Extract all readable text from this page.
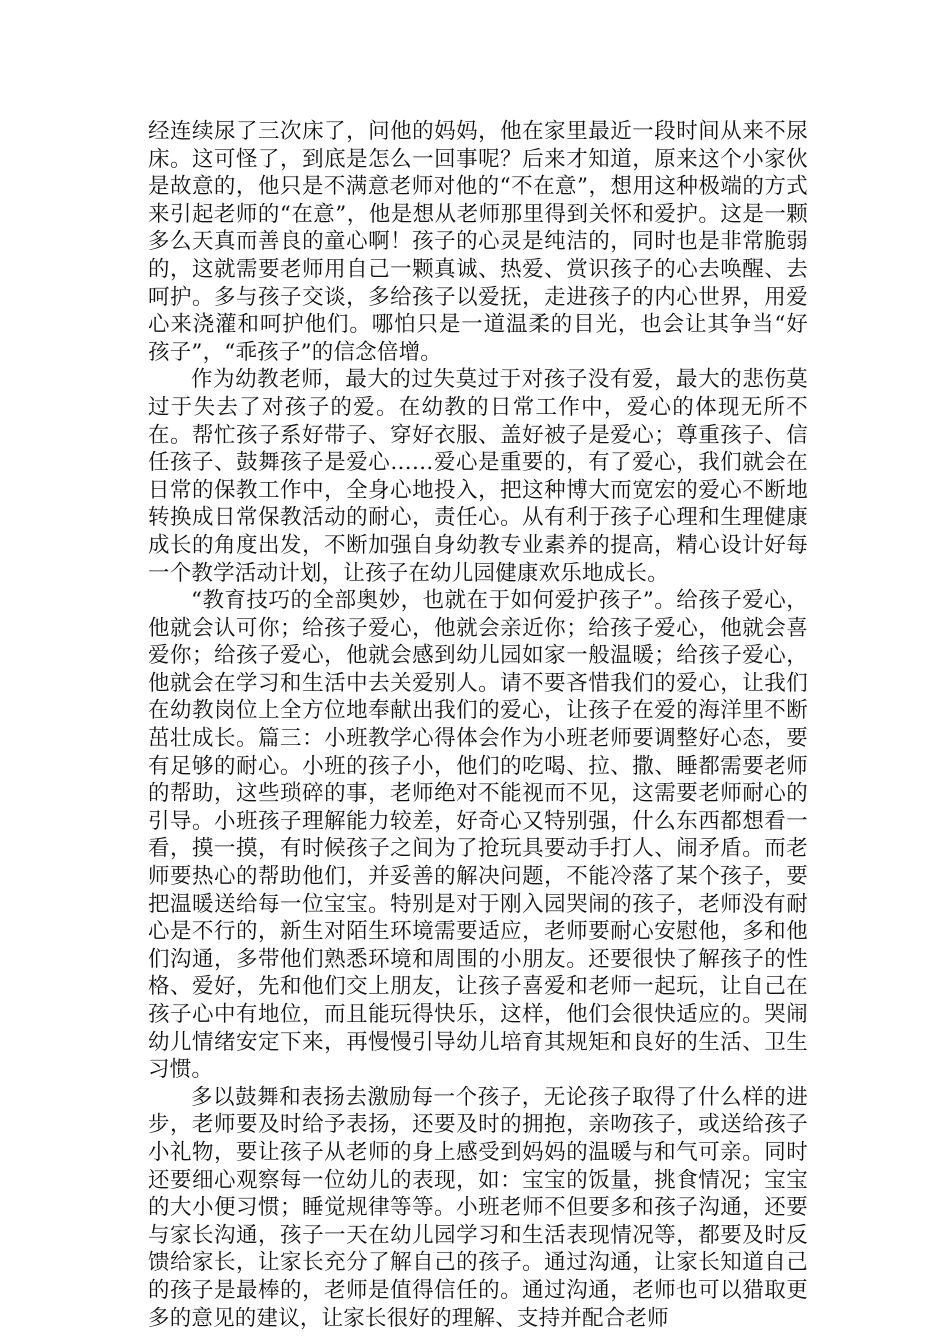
经连续尿了三次床了，问他的妈妈，他在家里最近一段时间从来不尿床。这可怪了，到底是怎么一回事呢？后来才知道，原来这个小家伙是故意的，他只是不满意老师对他的“不在意”，想用这种极端的方式来引起老师的“在意”，他是想从老师那里得到关怀和爱护。这是一颗多么天真而善良的童心啊！孩子的心灵是纯洁的，同时也是非常脆弱的，这就需要老师用自己一颗真诚、热爱、赏识孩子的心去唤醒、去呵护。多与孩子交谈，多给孩子以爱抚，走进孩子的内心世界，用爱心来浇灌和呵护他们。哪怕只是一道温柔的目光，也会让其争当“好孩子”，“乖孩子”的信念倍增。

作为幼教老师，最大的过失莫过于对孩子没有爱，最大的悲伤莫过于失去了对孩子的爱。在幼教的日常工作中，爱心的体现无所不在。帮忙孩子系好带子、穿好衣服、盖好被子是爱心；尊重孩子、信任孩子、鼓舞孩子是爱心……爱心是重要的，有了爱心，我们就会在日常的保教工作中，全身心地投入，把这种博大而宽宏的爱心不断地转换成日常保教活动的耐心，责任心。从有利于孩子心理和生理健康成长的角度出发，不断加强自身幼教专业素养的提高，精心设计好每一个教学活动计划，让孩子在幼儿园健康欢乐地成长。

“教育技巧的全部奥妙，也就在于如何爱护孩子”。给孩子爱心，他就会认可你；给孩子爱心，他就会亲近你；给孩子爱心，他就会喜爱你；给孩子爱心，他就会感到幼儿园如家一般温暖；给孩子爱心，他就会在学习和生活中去关爱别人。请不要吝惜我们的爱心，让我们在幼教岗位上全方位地奉献出我们的爱心，让孩子在爱的海洋里不断茁壮成长。篇三：小班教学心得体会作为小班老师要调整好心态，要有足够的耐心。小班的孩子小，他们的吃喝、拉、撒、睡都需要老师的帮助，这些琐碎的事，老师绝对不能视而不见，这需要老师耐心的引导。小班孩子理解能力较差，好奇心又特别强，什么东西都想看一看，摸一摸，有时候孩子之间为了抢玩具要动手打人、闹矛盾。而老师要热心的帮助他们，并妥善的解决问题，不能冷落了某个孩子，要把温暖送给每一位宝宝。特别是对于刚入园哭闹的孩子，老师没有耐心是不行的，新生对陌生环境需要适应，老师要耐心安慰他，多和他们沟通，多带他们熟悉环境和周围的小朋友。还要很快了解孩子的性格、爱好，先和他们交上朋友，让孩子喜爱和老师一起玩，让自己在孩子心中有地位，而且能玩得快乐，这样，他们会很快适应的。哭闹幼儿情绪安定下来，再慢慢引导幼儿培育其规矩和良好的生活、卫生习惯。

多以鼓舞和表扬去激励每一个孩子，无论孩子取得了什么样的进步，老师要及时给予表扬，还要及时的拥抱，亲吻孩子，或送给孩子小礼物，要让孩子从老师的身上感受到妈妈的温暖与和气可亲。同时还要细心观察每一位幼儿的表现，如：宝宝的饭量，挑食情况；宝宝的大小便习惯；睡觉规律等等。小班老师不但要多和孩子沟通，还要与家长沟通，孩子一天在幼儿园学习和生活表现情况等，都要及时反馈给家长，让家长充分了解自己的孩子。通过沟通，让家长知道自己的孩子是最棒的，老师是值得信任的。通过沟通，老师也可以猎取更多的意见的建议，让家长很好的理解、支持并配合老师
